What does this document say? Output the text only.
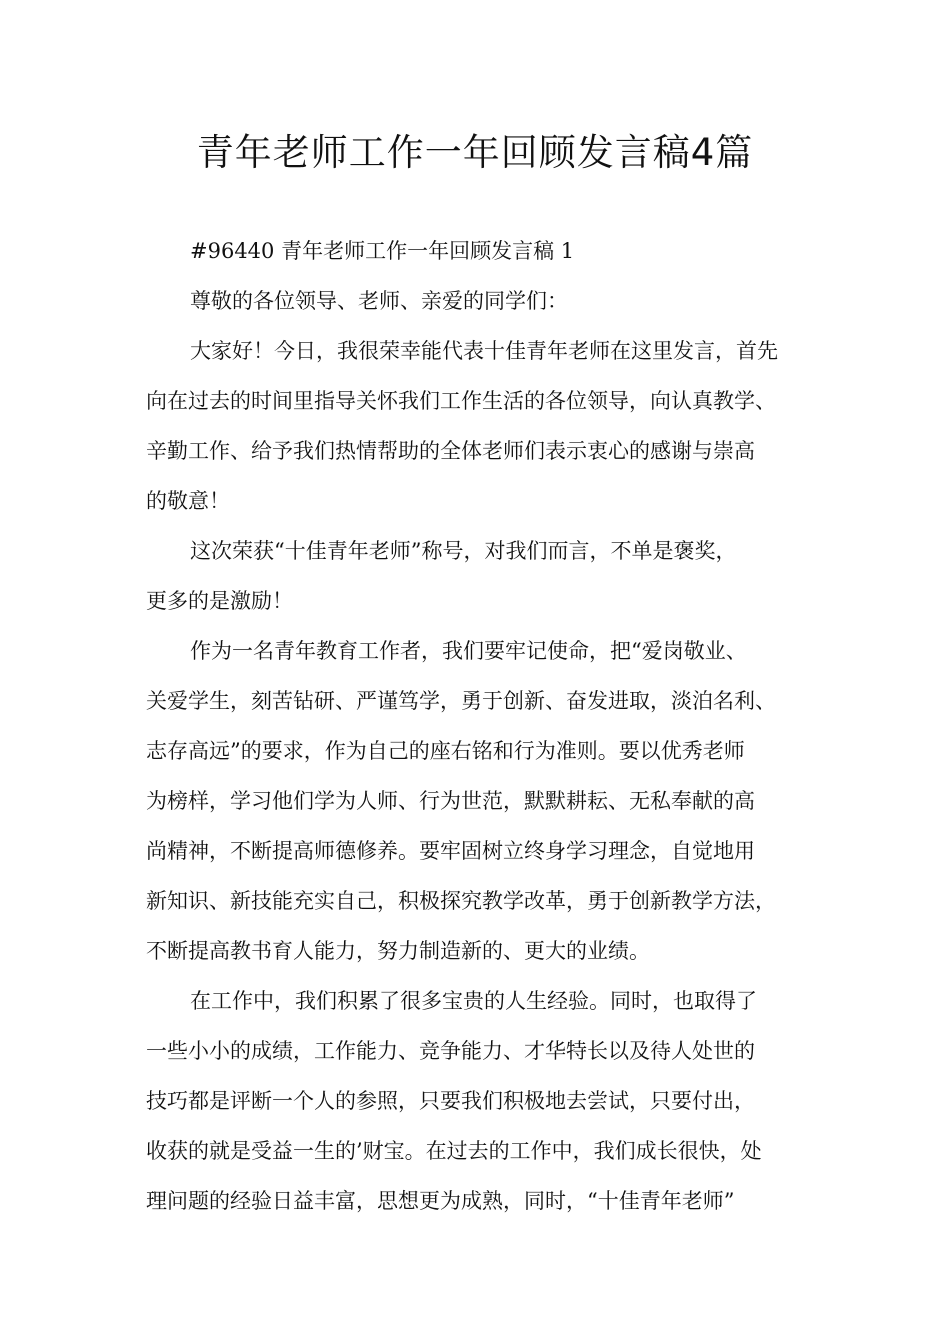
青年老师工作一年回顾发言稿4篇
#96440 青年老师工作一年回顾发言稿 1
尊敬的各位领导、老师、亲爱的同学们：
大家好！今日，我很荣幸能代表十佳青年老师在这里发言，首先
向在过去的时间里指导关怀我们工作生活的各位领导，向认真教学、
辛勤工作、给予我们热情帮助的全体老师们表示衷心的感谢与崇高
的敬意！
这次荣获“十佳青年老师”称号，对我们而言，不单是褒奖，
更多的是激励！
作为一名青年教育工作者，我们要牢记使命，把“爱岗敬业、
关爱学生，刻苦钻研、严谨笃学，勇于创新、奋发进取，淡泊名利、
志存高远”的要求，作为自己的座右铭和行为准则。要以优秀老师
为榜样，学习他们学为人师、行为世范，默默耕耘、无私奉献的高
尚精神，不断提高师德修养。要牢固树立终身学习理念，自觉地用
新知识、新技能充实自己，积极探究教学改革，勇于创新教学方法，
不断提高教书育人能力，努力制造新的、更大的业绩。
在工作中，我们积累了很多宝贵的人生经验。同时，也取得了
一些小小的成绩，工作能力、竞争能力、才华特长以及待人处世的
技巧都是评断一个人的参照，只要我们积极地去尝试，只要付出，
收获的就是受益一生的’财宝。在过去的工作中，我们成长很快，处
理问题的经验日益丰富，思想更为成熟，同时，“十佳青年老师”
